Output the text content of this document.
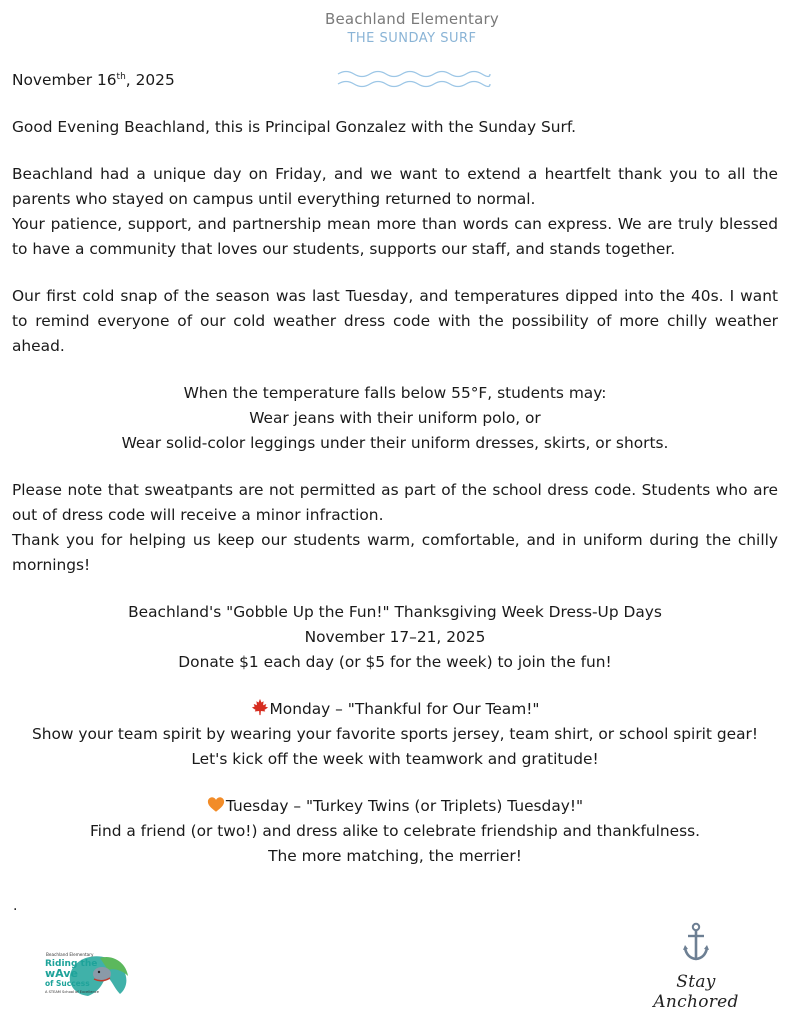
Beachland Elementary
THE SUNDAY SURF

November 16th, 2025

Good Evening Beachland, this is Principal Gonzalez with the Sunday Surf.

Beachland had a unique day on Friday, and we want to extend a heartfelt thank you to all the parents who stayed on campus until everything returned to normal.

Your patience, support, and partnership mean more than words can express. We are truly blessed to have a community that loves our students, supports our staff, and stands together.

Our first cold snap of the season was last Tuesday, and temperatures dipped into the 40s. I want to remind everyone of our cold weather dress code with the possibility of more chilly weather ahead.

When the temperature falls below 55°F, students may:

Wear jeans with their uniform polo, or

Wear solid-color leggings under their uniform dresses, skirts, or shorts.

Please note that sweatpants are not permitted as part of the school dress code. Students who are out of dress code will receive a minor infraction.

Thank you for helping us keep our students warm, comfortable, and in uniform during the chilly mornings!

Beachland's "Gobble Up the Fun!" Thanksgiving Week Dress-Up Days

November 17–21, 2025

Donate $1 each day (or $5 for the week) to join the fun!

Monday – "Thankful for Our Team!"

Show your team spirit by wearing your favorite sports jersey, team shirt, or school spirit gear!

Let's kick off the week with teamwork and gratitude!

Tuesday – "Turkey Twins (or Triplets) Tuesday!"

Find a friend (or two!) and dress alike to celebrate friendship and thankfulness.

The more matching, the merrier!

.
Beachland Elementary
Riding the
wAve
of Success
A STEAM School of Excellence	Stay Anchored
